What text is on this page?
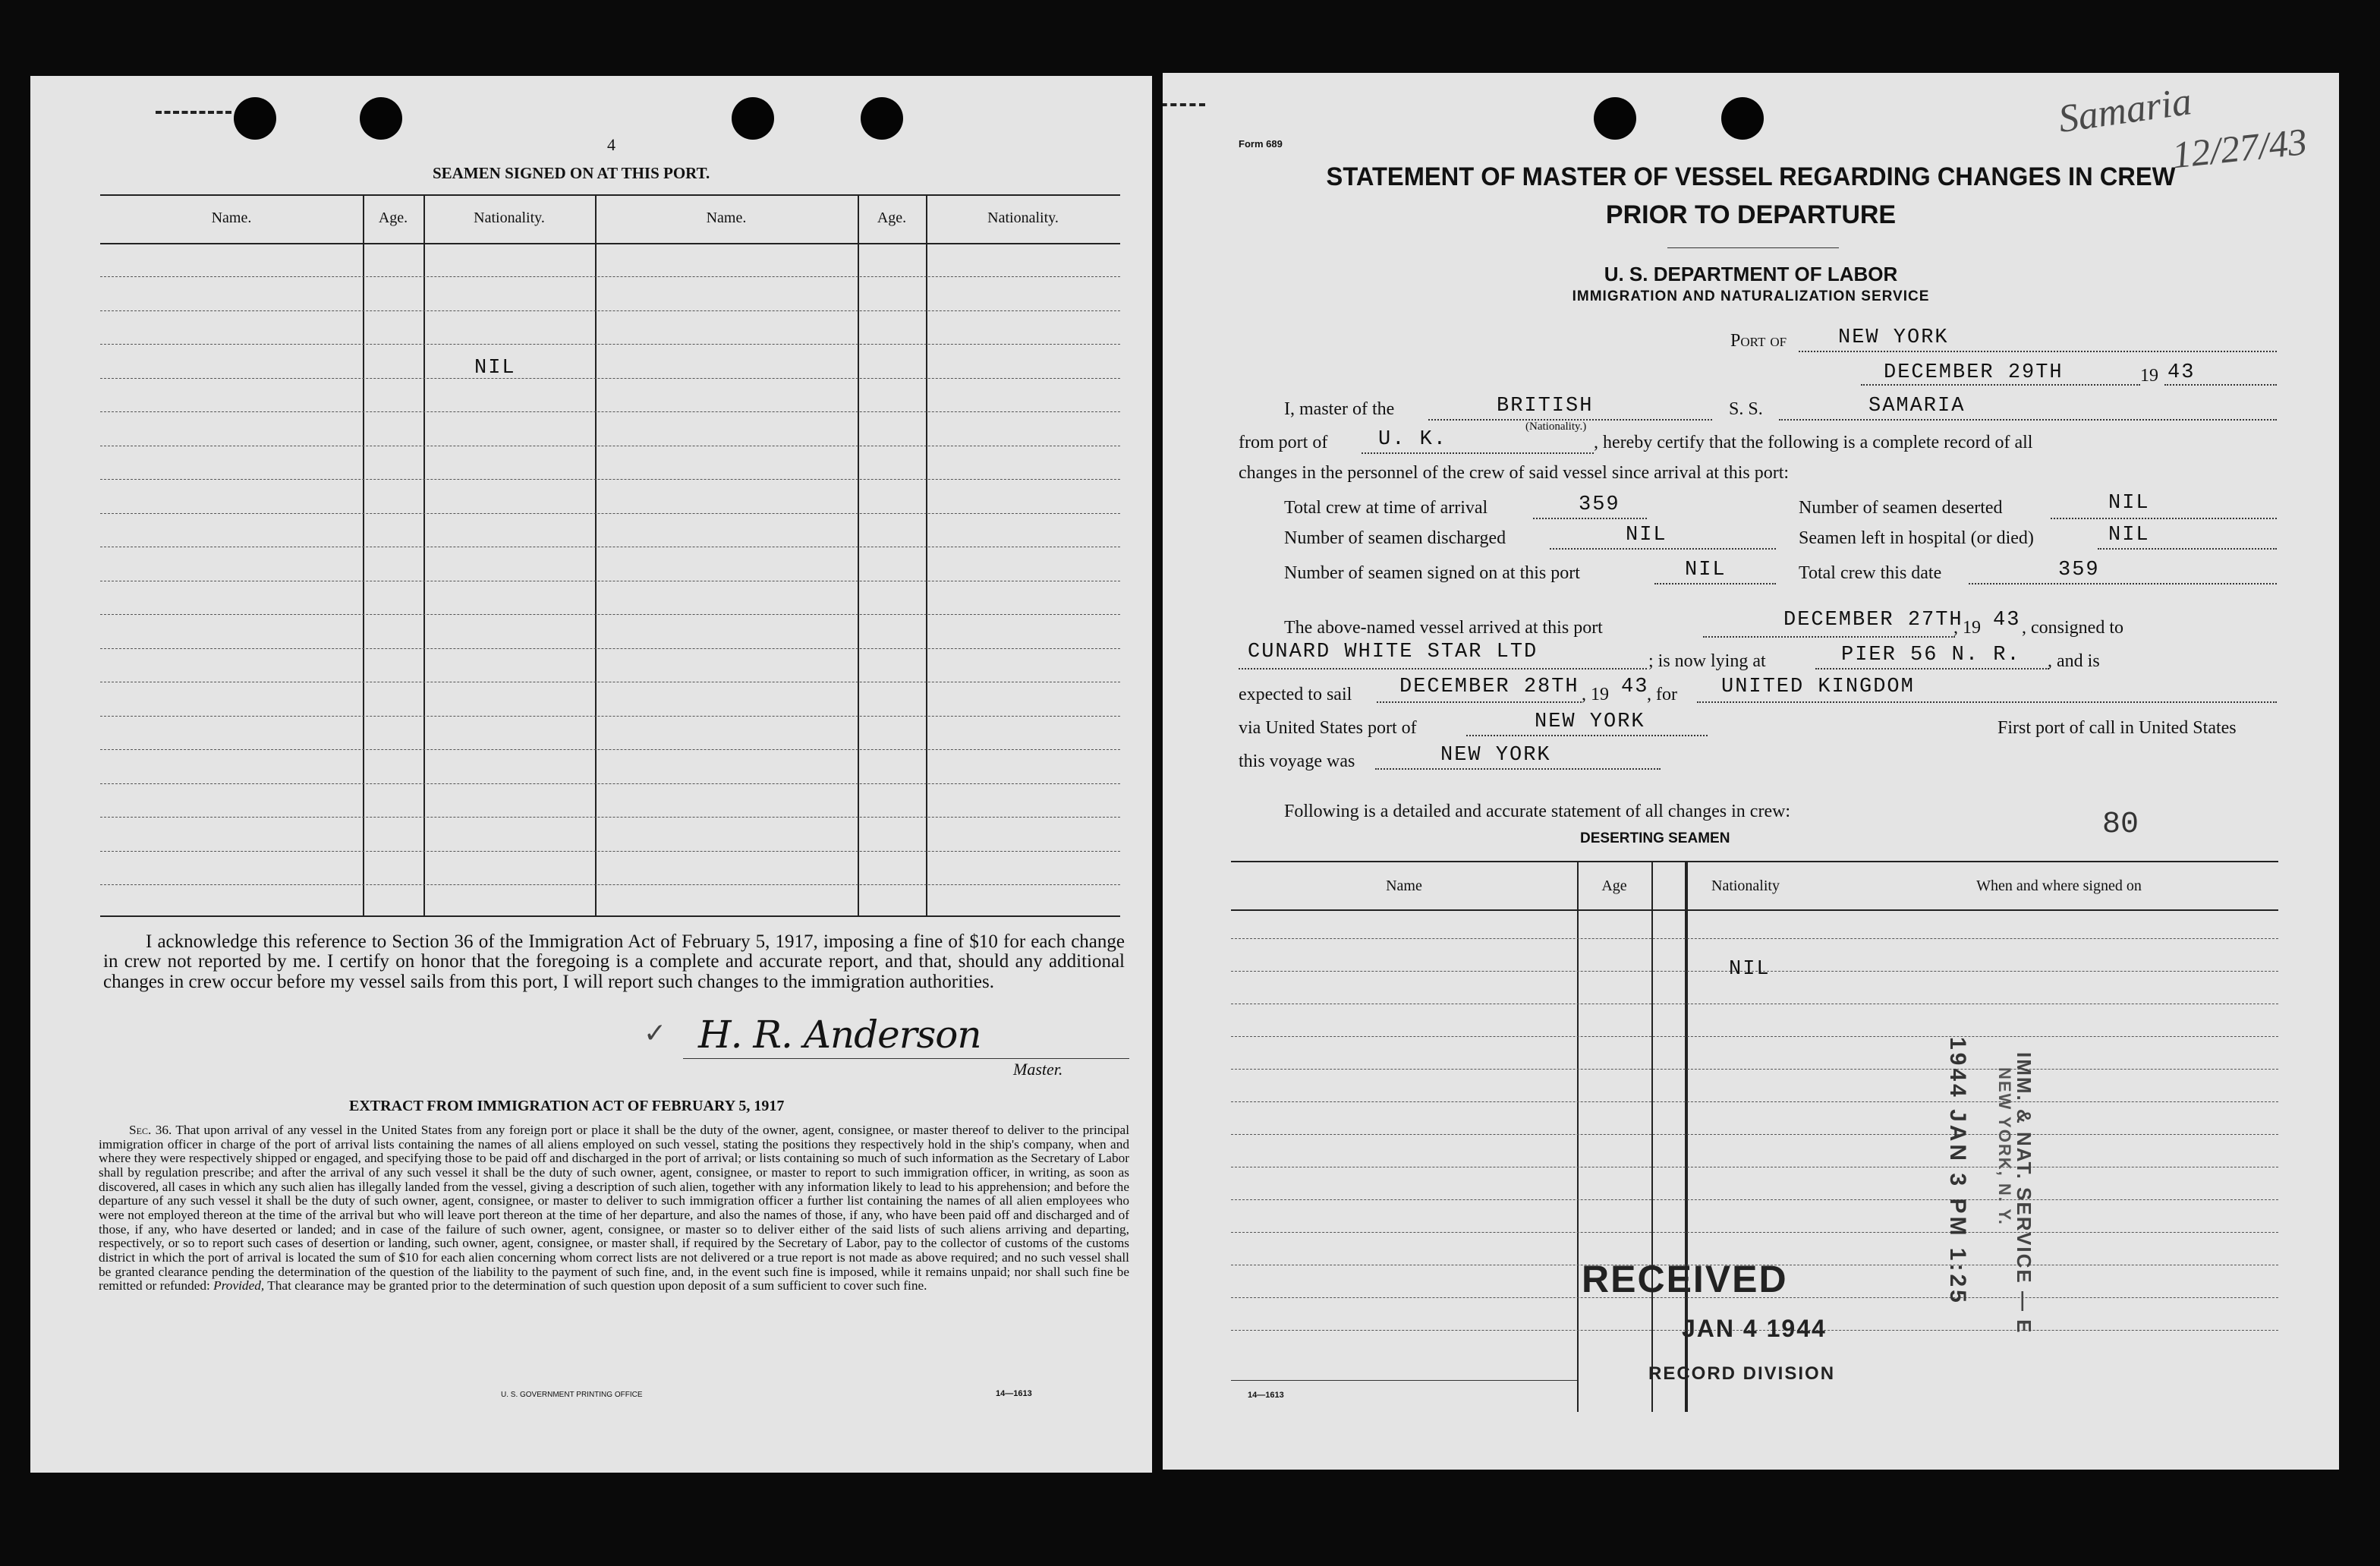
4
SEAMEN SIGNED ON AT THIS PORT.
Name.	Age.	Nationality.	Name.	Age.	Nationality.
NIL
I acknowledge this reference to Section 36 of the Immigration Act of February 5, 1917, imposing a fine of $10 for each change in crew not reported by me. I certify on honor that the foregoing is a complete and accurate report, and that, should any additional changes in crew occur before my vessel sails from this port, I will report such changes to the immigration authorities.
✓ H. R. Anderson
Master.
EXTRACT FROM IMMIGRATION ACT OF FEBRUARY 5, 1917
Sec. 36. That upon arrival of any vessel in the United States from any foreign port or place it shall be the duty of the owner, agent, consignee, or master thereof to deliver to the principal immigration officer in charge of the port of arrival lists containing the names of all aliens employed on such vessel, stating the positions they respectively hold in the ship's company, when and where they were respectively shipped or engaged, and specifying those to be paid off and discharged in the port of arrival; or lists containing so much of such information as the Secretary of Labor shall by regulation prescribe; and after the arrival of any such vessel it shall be the duty of such owner, agent, consignee, or master to report to such immigration officer, in writing, as soon as discovered, all cases in which any such alien has illegally landed from the vessel, giving a description of such alien, together with any information likely to lead to his apprehension; and before the departure of any such vessel it shall be the duty of such owner, agent, consignee, or master to deliver to such immigration officer a further list containing the names of all alien employees who were not employed thereon at the time of the arrival but who will leave port thereon at the time of her departure, and also the names of those, if any, who have been paid off and discharged and of those, if any, who have deserted or landed; and in case of the failure of such owner, agent, consignee, or master so to deliver either of the said lists of such aliens arriving and departing, respectively, or so to report such cases of desertion or landing, such owner, agent, consignee, or master shall, if required by the Secretary of Labor, pay to the collector of customs of the customs district in which the port of arrival is located the sum of $10 for each alien concerning whom correct lists are not delivered or a true report is not made as above required; and no such vessel shall be granted clearance pending the determination of the question of the liability to the payment of such fine, and, in the event such fine is imposed, while it remains unpaid; nor shall such fine be remitted or refunded: Provided, That clearance may be granted prior to the determination of such question upon deposit of a sum sufficient to cover such fine.
U. S. GOVERNMENT PRINTING OFFICE	14—1613
Samaria
12/27/43
Form 689
STATEMENT OF MASTER OF VESSEL REGARDING CHANGES IN CREW
PRIOR TO DEPARTURE
U. S. DEPARTMENT OF LABOR
IMMIGRATION AND NATURALIZATION SERVICE
Port of	NEW YORK
DECEMBER 29TH	19 43
I, master of the	BRITISH
(Nationality.)
S. S.	SAMARIA
from port of U. K.	, hereby certify that the following is a complete record of all
changes in the personnel of the crew of said vessel since arrival at this port:
Total crew at time of arrival	359	Number of seamen deserted	NIL
Number of seamen discharged	NIL	Seamen left in hospital (or died)	NIL
Number of seamen signed on at this port	NIL	Total crew this date	359
The above-named vessel arrived at this port	DECEMBER 27TH
, 19 43 , consigned to
CUNARD WHITE STAR LTD	; is now lying at	PIER 56 N. R. , and is
expected to sail DECEMBER 28TH , 19 43
, for UNITED KINGDOM
via United States port of	NEW YORK	First port of call in United States
this voyage was	NEW YORK
Following is a detailed and accurate statement of all changes in crew:	80
DESERTING SEAMEN
Name	Age	Nationality	When and where signed on
NIL
1944 JAN 3 PM 1:25 IMM. & NAT. SERVICE — E
NEW YORK, N. Y.
RECEIVED
JAN 4 1944
RECORD DIVISION
14—1613
